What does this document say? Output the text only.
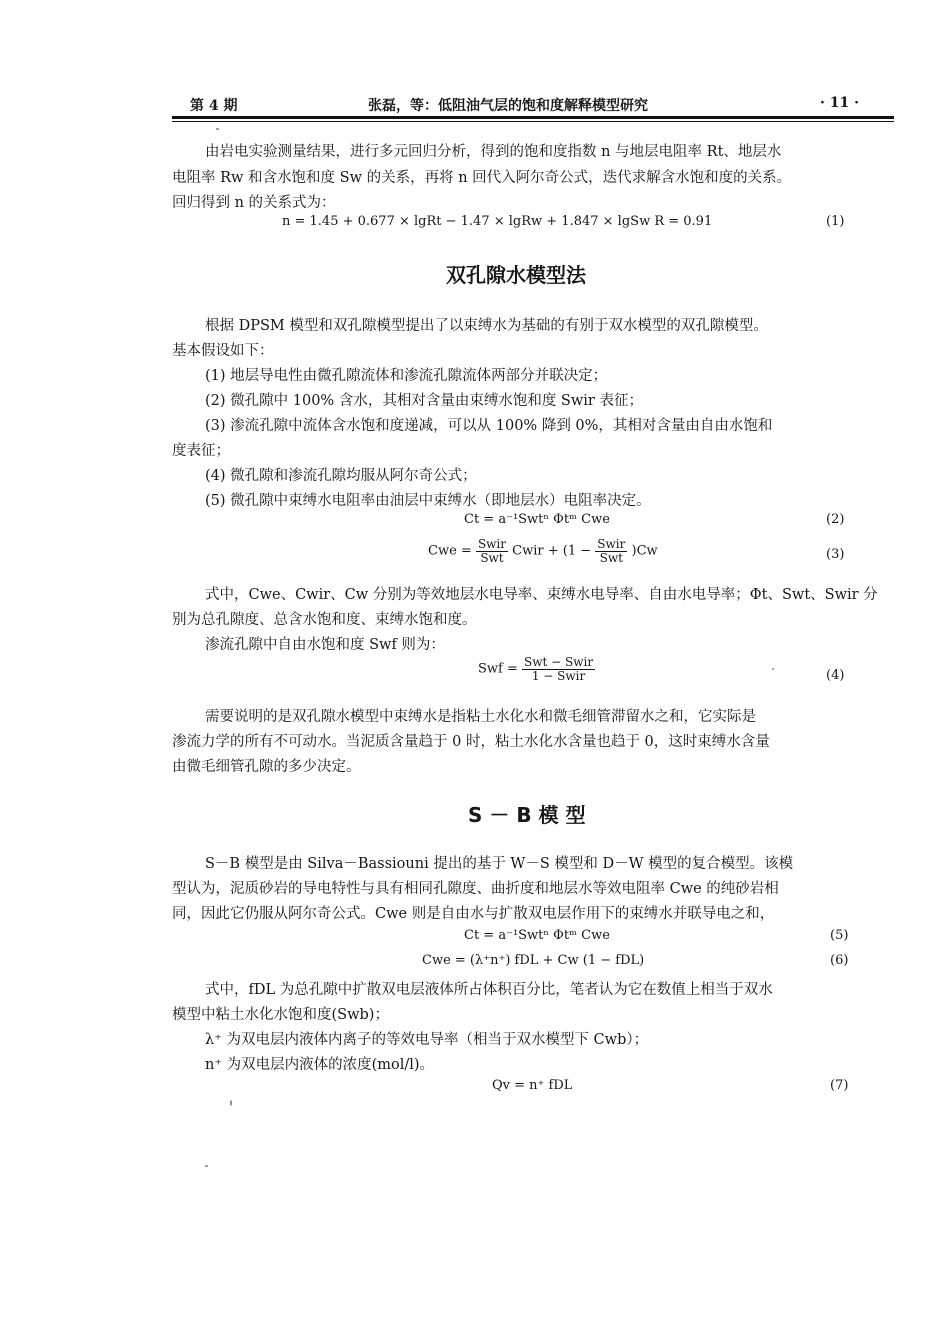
第 4 期	张磊，等：低阻油气层的饱和度解释模型研究	· 11 ·
由岩电实验测量结果，进行多元回归分析，得到的饱和度指数 n 与地层电阻率 Rt、地层水
电阻率 Rw 和含水饱和度 Sw 的关系，再将 n 回代入阿尔奇公式，迭代求解含水饱和度的关系。
回归得到 n 的关系式为：
n = 1.45 + 0.677 × lgRt − 1.47 × lgRw + 1.847 × lgSw R = 0.91	(1)
双孔隙水模型法
根据 DPSM 模型和双孔隙模型提出了以束缚水为基础的有别于双水模型的双孔隙模型。
基本假设如下：
(1) 地层导电性由微孔隙流体和渗流孔隙流体两部分并联决定；
(2) 微孔隙中 100% 含水，其相对含量由束缚水饱和度 Swir 表征；
(3) 渗流孔隙中流体含水饱和度递减，可以从 100% 降到 0%，其相对含量由自由水饱和
度表征；
(4) 微孔隙和渗流孔隙均服从阿尔奇公式；
(5) 微孔隙中束缚水电阻率由油层中束缚水（即地层水）电阻率决定。
Ct = a⁻¹Swtⁿ Φtᵐ Cwe	(2)
Cwe = $\frac{\text{Swir}}{\text{Swt}}$ Cwir + $(1 - \frac{\text{Swir}}{\text{Swt}} )Cw$	(3)
式中，Cwe、Cwir、Cw 分别为等效地层水电导率、束缚水电导率、自由水电导率；Φt、Swt、Swir 分
别为总孔隙度、总含水饱和度、束缚水饱和度。
渗流孔隙中自由水饱和度 Swf 则为：
Swf = $\frac{\text{Swt − Swir}}{\text{1 − Swir}}$	(4)
需要说明的是双孔隙水模型中束缚水是指粘土水化水和微毛细管滞留水之和，它实际是
渗流力学的所有不可动水。当泥质含量趋于 0 时，粘土水化水含量也趋于 0，这时束缚水含量
由微毛细管孔隙的多少决定。
S － B 模 型
S－B 模型是由 Silva－Bassiouni 提出的基于 W－S 模型和 D－W 模型的复合模型。该模
型认为，泥质砂岩的导电特性与具有相同孔隙度、曲折度和地层水等效电阻率 Cwe 的纯砂岩相
同，因此它仍服从阿尔奇公式。Cwe 则是自由水与扩散双电层作用下的束缚水并联导电之和，
Ct = a⁻¹Swtⁿ Φtᵐ Cwe	(5)
Cwe = (λ⁺n⁺) fDL + Cw (1 − fDL)	(6)
式中，fDL 为总孔隙中扩散双电层液体所占体积百分比，笔者认为它在数值上相当于双水
模型中粘土水化水饱和度(Swb)；
λ⁺ 为双电层内液体内离子的等效电导率（相当于双水模型下 Cwb）；
n⁺ 为双电层内液体的浓度(mol/l)。
Qv = n⁺ fDL	(7)
